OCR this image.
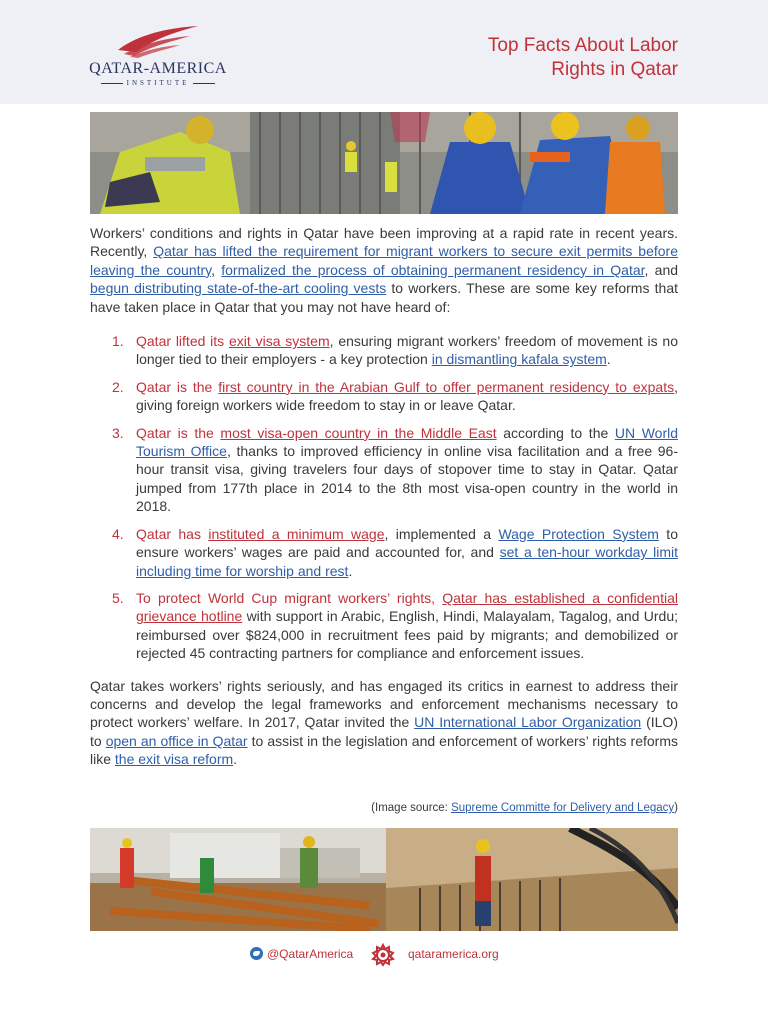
QATAR-AMERICA
INSTITUTE
Top Facts About Labor
Rights in Qatar

Workers’ conditions and rights in Qatar have been improving at a rapid rate in recent years. Recently, Qatar has lifted the requirement for migrant workers to secure exit permits before leaving the country, formalized the process of obtaining permanent residency in Qatar, and begun distributing state-of-the-art cooling vests to workers. These are some key reforms that have taken place in Qatar that you may not have heard of:

1. Qatar lifted its exit visa system, ensuring migrant workers’ freedom of movement is no longer tied to their employers - a key protection in dismantling kafala system.
2. Qatar is the first country in the Arabian Gulf to offer permanent residency to expats, giving foreign workers wide freedom to stay in or leave Qatar.
3. Qatar is the most visa-open country in the Middle East according to the UN World Tourism Office, thanks to improved efficiency in online visa facilitation and a free 96-hour transit visa, giving travelers four days of stopover time to stay in Qatar. Qatar jumped from 177th place in 2014 to the 8th most visa-open country in the world in 2018.
4. Qatar has instituted a minimum wage, implemented a Wage Protection System to ensure workers’ wages are paid and accounted for, and set a ten-hour workday limit including time for worship and rest.
5. To protect World Cup migrant workers’ rights, Qatar has established a confidential grievance hotline with support in Arabic, English, Hindi, Malayalam, Tagalog, and Urdu; reimbursed over $824,000 in recruitment fees paid by migrants; and demobilized or rejected 45 contracting partners for compliance and enforcement issues.

Qatar takes workers’ rights seriously, and has engaged its critics in earnest to address their concerns and develop the legal frameworks and enforcement mechanisms necessary to protect workers’ welfare. In 2017, Qatar invited the UN International Labor Organization (ILO) to open an office in Qatar to assist in the legislation and enforcement of workers’ rights reforms like the exit visa reform.

(Image source: Supreme Committe for Delivery and Legacy)
@QatarAmerica	qataramerica.org
